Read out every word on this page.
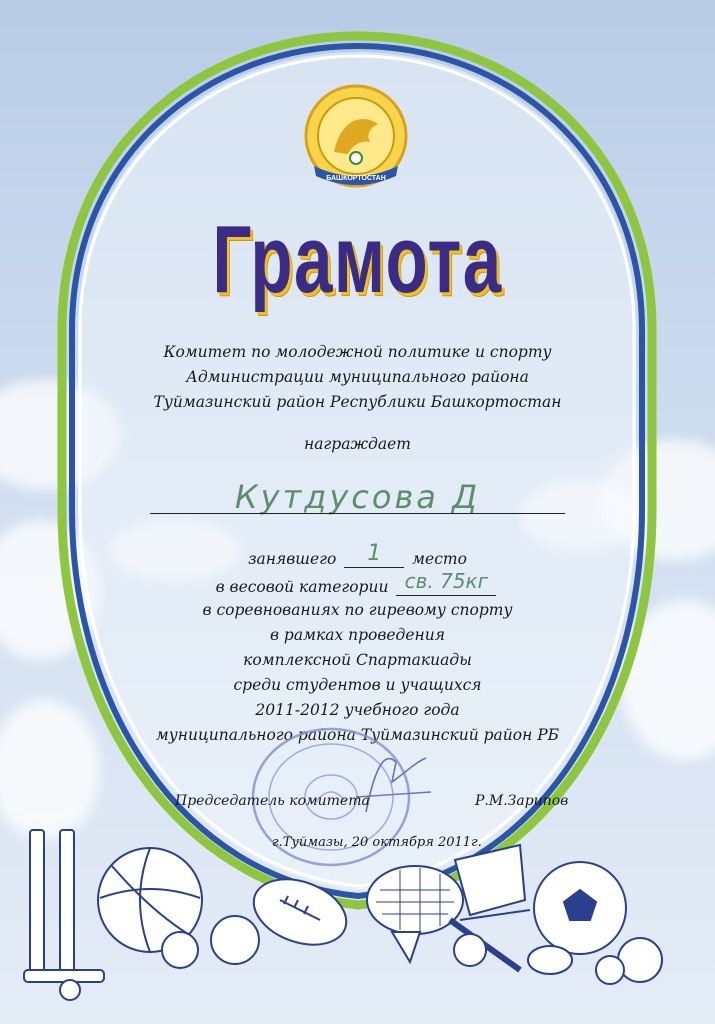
БАШКОРТОСТАН
Грамота
Комитет по молодежной политике и спорту
Администрации муниципального района
Туймазинский район Республики Башкортостан
награждает
Кутдусова Д
занявшего 1 место
в весовой категории св. 75кг
в соревнованиях по гиревому спорту
в рамках проведения
комплексной Спартакиады
среди студентов и учащихся
2011-2012 учебного года
муниципального района Туймазинский район РБ
Председатель комитета	Р.М.Зарипов
г.Туймазы, 20 октября 2011г.
